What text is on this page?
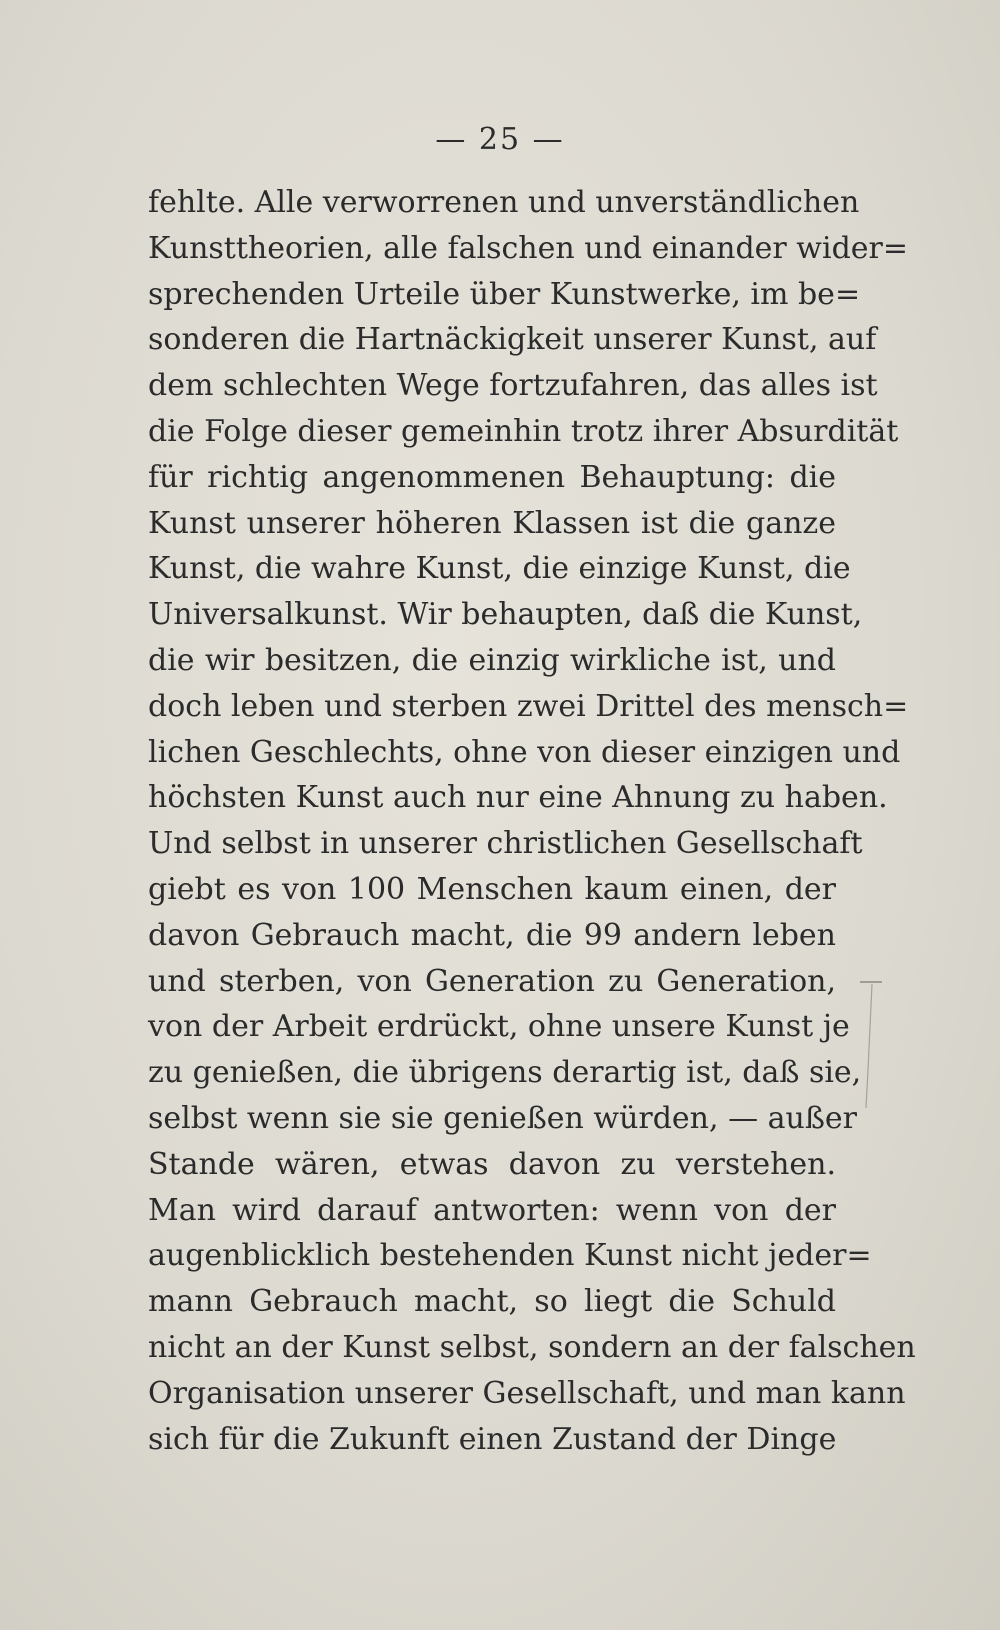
— 25 —
fehlte. Alle verworrenen und unverständlichen
Kunsttheorien, alle falschen und einander wider=
sprechenden Urteile über Kunstwerke, im be=
sonderen die Hartnäckigkeit unserer Kunst, auf
dem schlechten Wege fortzufahren, das alles ist
die Folge dieser gemeinhin trotz ihrer Absurdität
für richtig angenommenen Behauptung: die
Kunst unserer höheren Klassen ist die ganze
Kunst, die wahre Kunst, die einzige Kunst, die
Universalkunst. Wir behaupten, daß die Kunst,
die wir besitzen, die einzig wirkliche ist, und
doch leben und sterben zwei Drittel des mensch=
lichen Geschlechts, ohne von dieser einzigen und
höchsten Kunst auch nur eine Ahnung zu haben.
Und selbst in unserer christlichen Gesellschaft
giebt es von 100 Menschen kaum einen, der
davon Gebrauch macht, die 99 andern leben
und sterben, von Generation zu Generation,
von der Arbeit erdrückt, ohne unsere Kunst je
zu genießen, die übrigens derartig ist, daß sie,
selbst wenn sie sie genießen würden, — außer
Stande wären, etwas davon zu verstehen.
Man wird darauf antworten: wenn von der
augenblicklich bestehenden Kunst nicht jeder=
mann Gebrauch macht, so liegt die Schuld
nicht an der Kunst selbst, sondern an der falschen
Organisation unserer Gesellschaft, und man kann
sich für die Zukunft einen Zustand der Dinge
